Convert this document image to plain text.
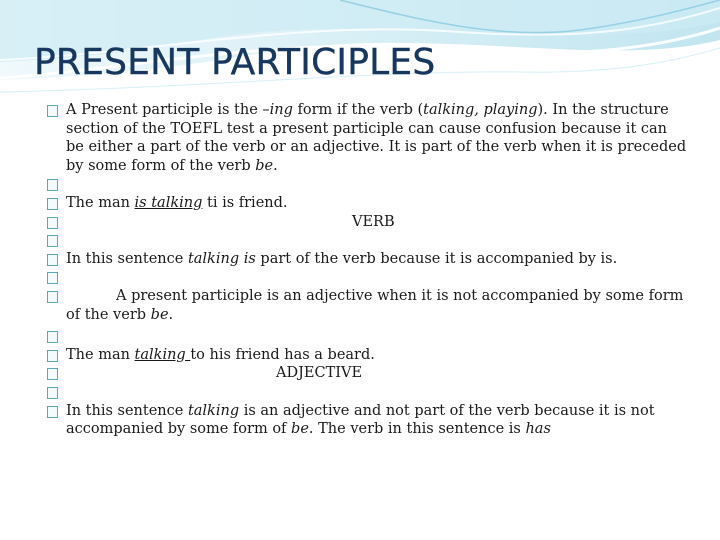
PRESENT PARTICIPLES
A Present participle is the –ing form if the verb (talking, playing). In the structure section of the TOEFL test a present participle can cause confusion because it can be either a part of the verb or an adjective. It is part of the verb when it is preceded by some form of the verb be.
The man is talking ti is friend.
VERB
In this sentence talking is part of the verb because it is accompanied by is.
A present participle is an adjective when it is not accompanied by some form of the verb be.
The man talking to his friend has a beard.
ADJECTIVE
In this sentence talking is an adjective and not part of the verb because it is not accompanied by some form of be. The verb in this sentence is has
